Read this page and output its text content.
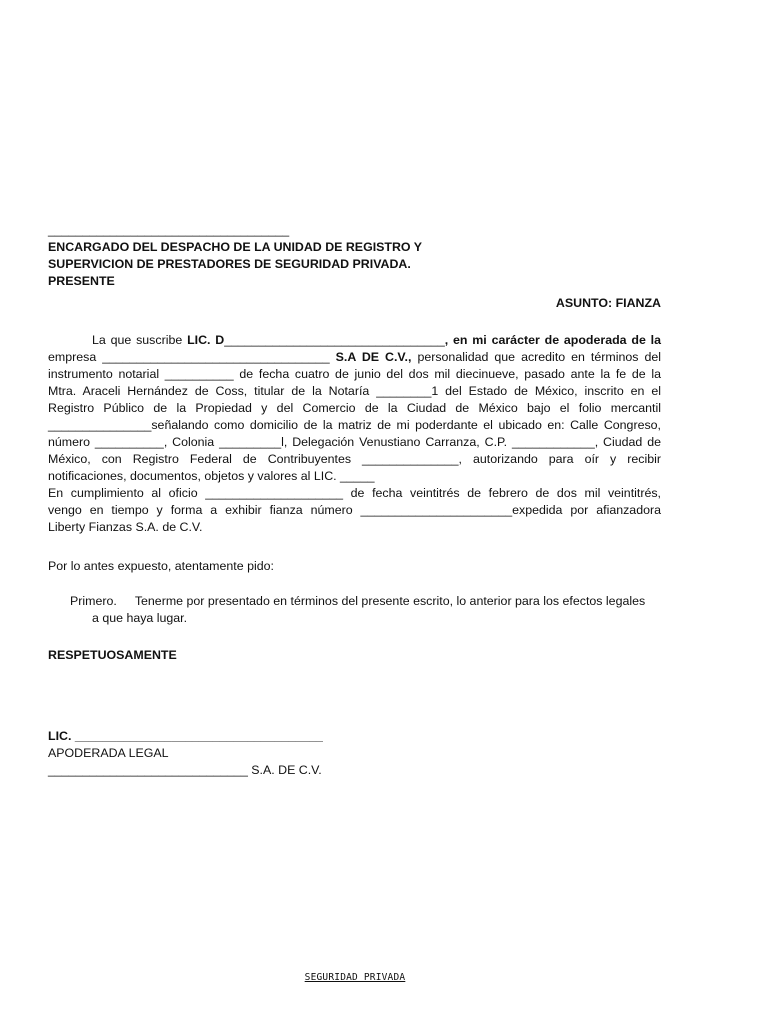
___________________________________
ENCARGADO DEL DESPACHO DE LA UNIDAD DE REGISTRO Y
SUPERVICION DE PRESTADORES DE SEGURIDAD PRIVADA.
PRESENTE
ASUNTO: FIANZA
La que suscribe LIC. D________________________________, en mi carácter de apoderada de la
empresa _________________________________ S.A DE C.V., personalidad que acredito en términos del
instrumento notarial __________ de fecha cuatro de junio del dos mil diecinueve, pasado ante la fe de la
Mtra. Araceli Hernández de Coss, titular de la Notaría ________1 del Estado de México, inscrito en el
Registro Público de la Propiedad y del Comercio de la Ciudad de México bajo el folio mercantil
_______________señalando como domicilio de la matriz de mi poderdante el ubicado en: Calle Congreso,
número __________, Colonia _________l, Delegación Venustiano Carranza, C.P. ____________, Ciudad de
México, con Registro Federal de Contribuyentes ______________, autorizando para oír y recibir
notificaciones, documentos, objetos y valores al LIC. _____
En cumplimiento al oficio ____________________ de fecha veintitrés de febrero de dos mil veintitrés,
vengo en tiempo y forma a exhibir fianza número ______________________expedida por afianzadora
Liberty Fianzas S.A. de C.V.
Por lo antes expuesto, atentamente pido:
Primero. Tenerme por presentado en términos del presente escrito, lo anterior para los efectos legales
a que haya lugar.
RESPETUOSAMENTE
LIC. ____________________________________
APODERADA LEGAL
_____________________________ S.A. DE C.V.
SEGURIDAD PRIVADA
